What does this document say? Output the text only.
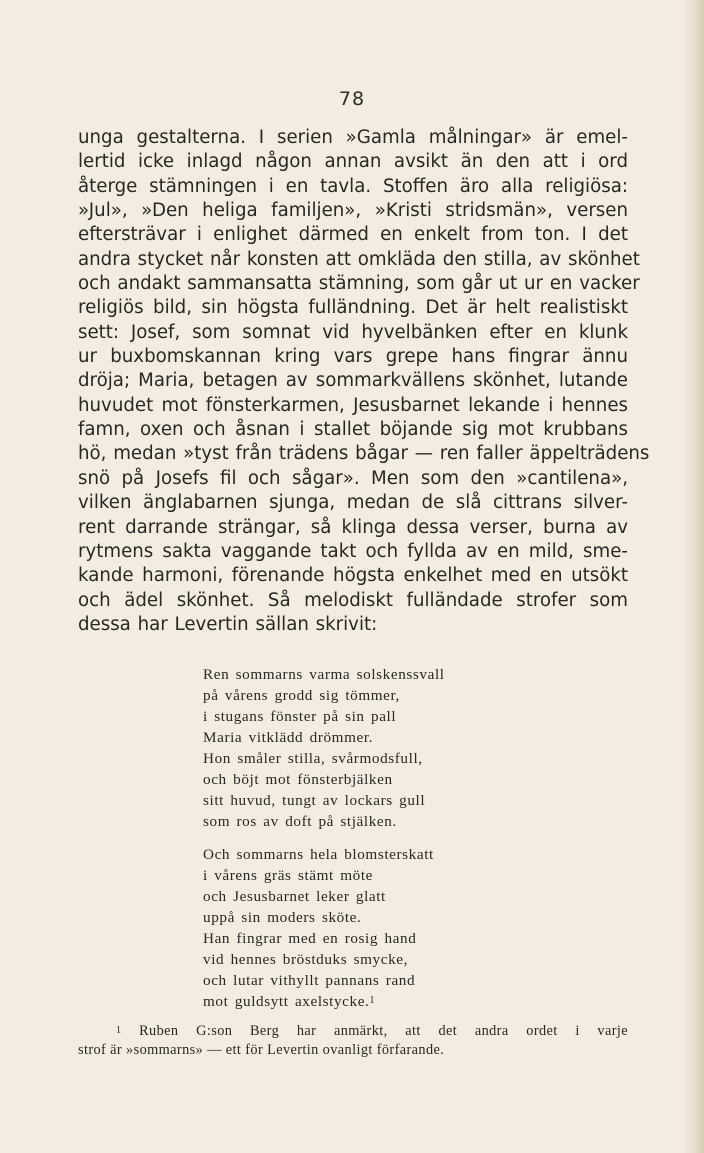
78
unga gestalterna. I serien »Gamla målningar» är emel-
lertid icke inlagd någon annan avsikt än den att i ord
återge stämningen i en tavla. Stoffen äro alla religiösa:
»Jul», »Den heliga familjen», »Kristi stridsmän», versen
eftersträvar i enlighet därmed en enkelt from ton. I det
andra stycket når konsten att omkläda den stilla, av skönhet
och andakt sammansatta stämning, som går ut ur en vacker
religiös bild, sin högsta fulländning. Det är helt realistiskt
sett: Josef, som somnat vid hyvelbänken efter en klunk
ur buxbomskannan kring vars grepe hans fingrar ännu
dröja; Maria, betagen av sommarkvällens skönhet, lutande
huvudet mot fönsterkarmen, Jesusbarnet lekande i hennes
famn, oxen och åsnan i stallet böjande sig mot krubbans
hö, medan »tyst från trädens bågar — ren faller äppelträdens
snö på Josefs fil och sågar». Men som den »cantilena»,
vilken änglabarnen sjunga, medan de slå cittrans silver-
rent darrande strängar, så klinga dessa verser, burna av
rytmens sakta vaggande takt och fyllda av en mild, sme-
kande harmoni, förenande högsta enkelhet med en utsökt
och ädel skönhet. Så melodiskt fulländade strofer som
dessa har Levertin sällan skrivit:
Ren sommarns varma solskenssvall
på vårens grodd sig tömmer,
i stugans fönster på sin pall
Maria vitklädd drömmer.
Hon småler stilla, svårmodsfull,
och böjt mot fönsterbjälken
sitt huvud, tungt av lockars gull
som ros av doft på stjälken.
Och sommarns hela blomsterskatt
i vårens gräs stämt möte
och Jesusbarnet leker glatt
uppå sin moders sköte.
Han fingrar med en rosig hand
vid hennes bröstduks smycke,
och lutar vithyllt pannans rand
mot guldsytt axelstycke.$^1$
$^1$ Ruben G:son Berg har anmärkt, att det andra ordet i varje
strof är »sommarns» — ett för Levertin ovanligt förfarande.
